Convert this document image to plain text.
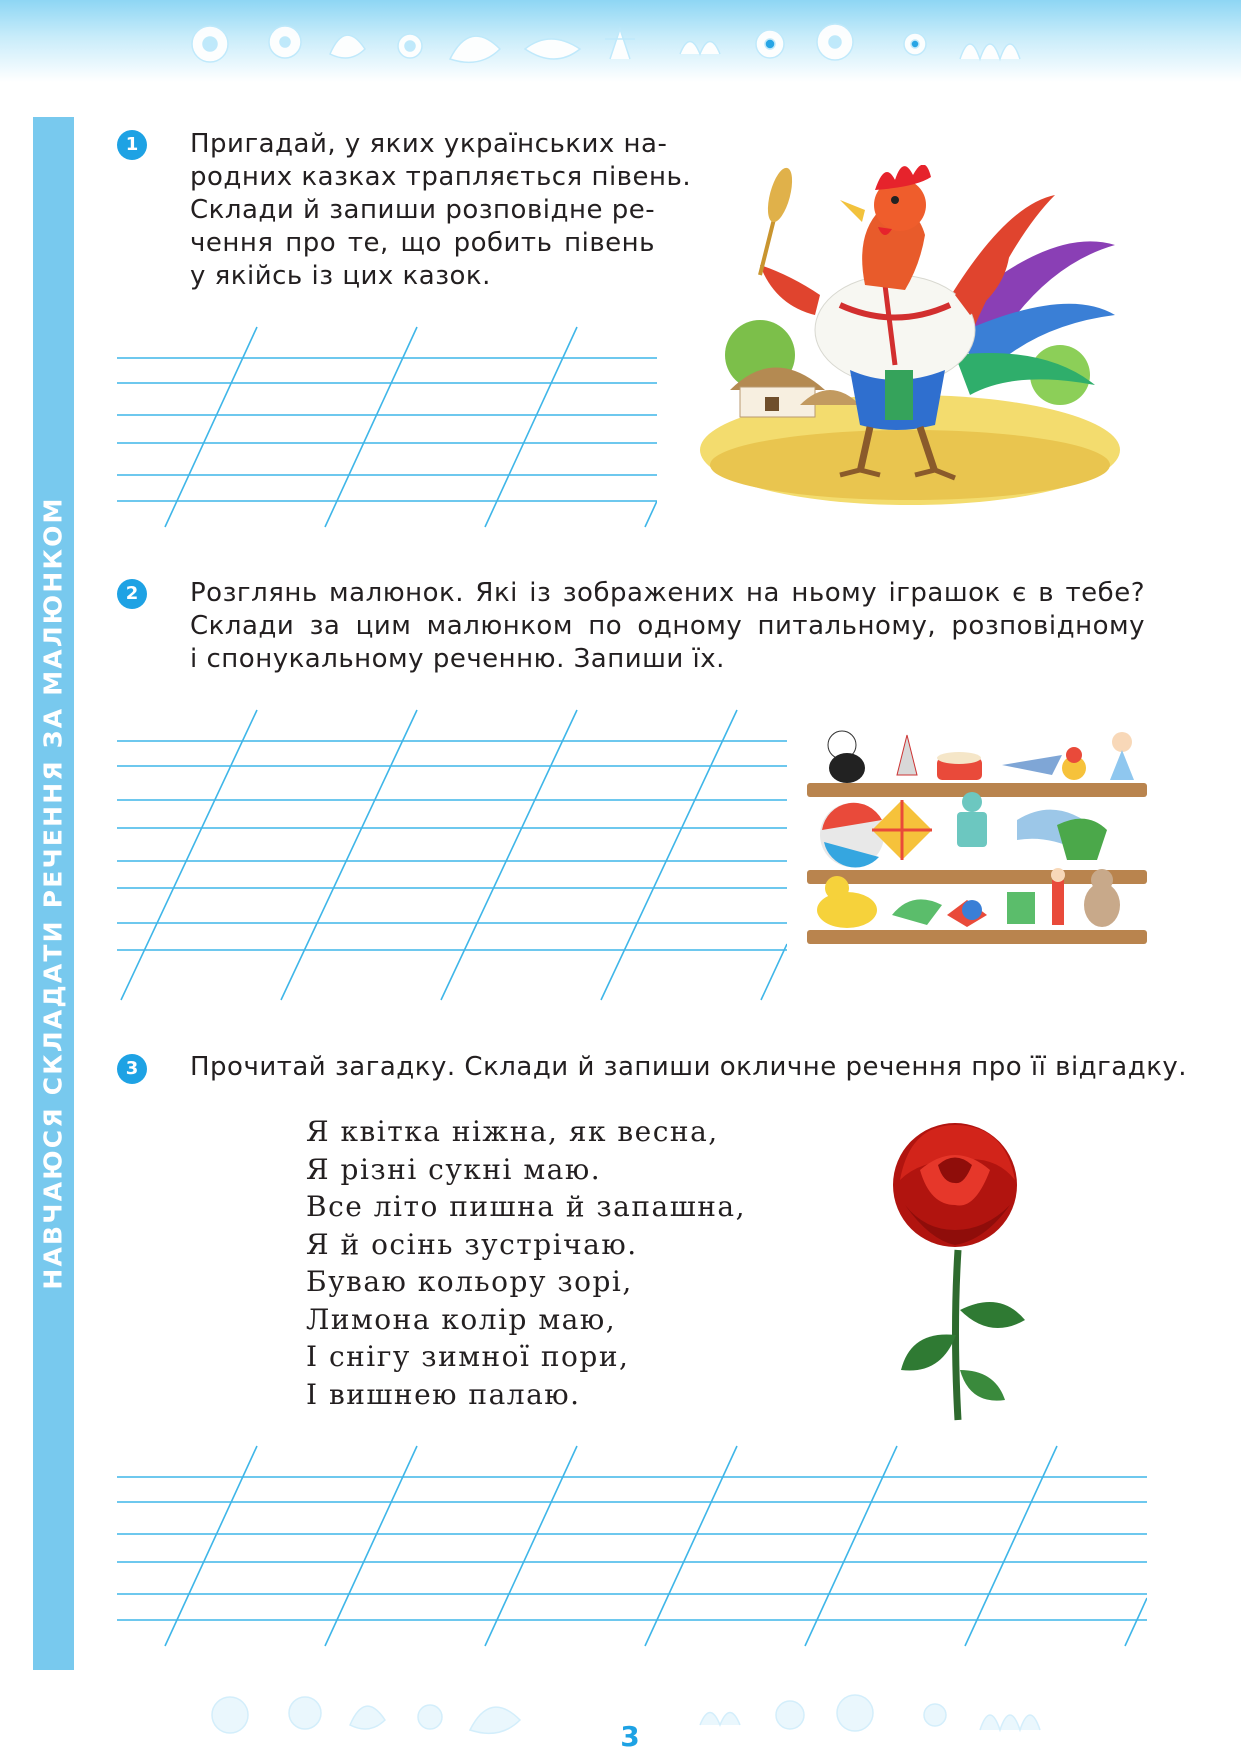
НАВЧАЮСЯ СКЛАДАТИ РЕЧЕННЯ ЗА МАЛЮНКОМ
1	Пригадай, у яких українських на-
родних казках трапляється півень.
Склади й запиши розповідне ре-
чення про те, що робить півень
у якійсь із цих казок.
2	Розглянь малюнок. Які із зображених на ньому іграшок є в тебе?
Склади за цим малюнком по одному питальному, розповідному
і спонукальному реченню. Запиши їх.
3	Прочитай загадку. Склади й запиши окличне речення про її відгадку.
Я квітка ніжна, як весна,
Я різні сукні маю.
Все літо пишна й запашна,
Я й осінь зустрічаю.
Буваю кольору зорі,
Лимона колір маю,
І снігу зимної пори,
І вишнею палаю.
3
